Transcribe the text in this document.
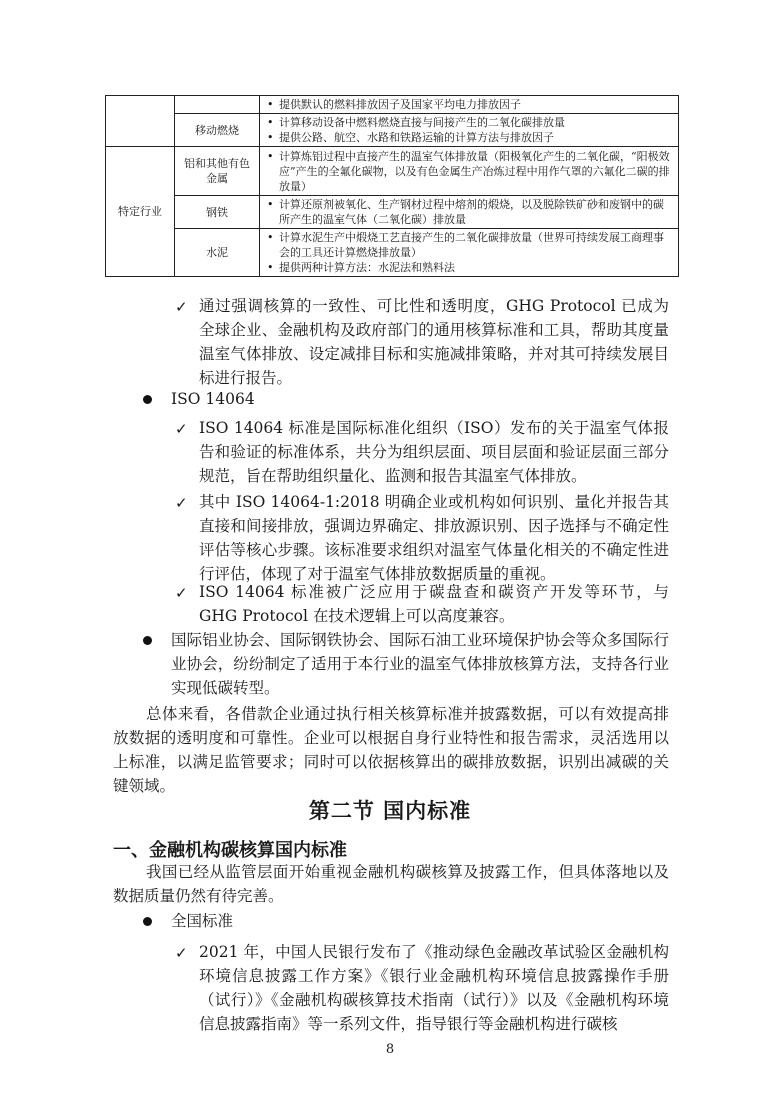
		• 提供默认的燃料排放因子及国家平均电力排放因子

	移动燃烧	• 计算移动设备中燃料燃烧直接与间接产生的二氧化碳排放量
• 提供公路、航空、水路和铁路运输的计算方法与排放因子

特定行业	铝和其他有色金属	• 计算炼铝过程中直接产生的温室气体排放量（阳极氧化产生的二氧化碳，“阳极效应”产生的全氟化碳物，以及有色金属生产冶炼过程中用作气罩的六氟化二碳的排放量）

	钢铁	• 计算还原剂被氧化、生产钢材过程中熔剂的煅烧，以及脱除铁矿砂和废钢中的碳所产生的温室气体（二氧化碳）排放量

	水泥	• 计算水泥生产中煅烧工艺直接产生的二氧化碳排放量（世界可持续发展工商理事会的工具还计算燃烧排放量）
• 提供两种计算方法：水泥法和熟料法
✓ 通过强调核算的一致性、可比性和透明度，GHG Protocol 已成为全球企业、金融机构及政府部门的通用核算标准和工具，帮助其度量温室气体排放、设定减排目标和实施减排策略，并对其可持续发展目标进行报告。
ISO 14064
✓ ISO 14064 标准是国际标准化组织（ISO）发布的关于温室气体报告和验证的标准体系，共分为组织层面、项目层面和验证层面三部分规范，旨在帮助组织量化、监测和报告其温室气体排放。
✓ 其中 ISO 14064-1:2018 明确企业或机构如何识别、量化并报告其直接和间接排放，强调边界确定、排放源识别、因子选择与不确定性评估等核心步骤。该标准要求组织对温室气体量化相关的不确定性进行评估，体现了对于温室气体排放数据质量的重视。
✓ ISO 14064 标准被广泛应用于碳盘查和碳资产开发等环节，与 GHG Protocol 在技术逻辑上可以高度兼容。
国际铝业协会、国际钢铁协会、国际石油工业环境保护协会等众多国际行业协会，纷纷制定了适用于本行业的温室气体排放核算方法，支持各行业实现低碳转型。
总体来看，各借款企业通过执行相关核算标准并披露数据，可以有效提高排放数据的透明度和可靠性。企业可以根据自身行业特性和报告需求，灵活选用以上标准，以满足监管要求；同时可以依据核算出的碳排放数据，识别出减碳的关键领域。
第二节 国内标准
一、金融机构碳核算国内标准
我国已经从监管层面开始重视金融机构碳核算及披露工作，但具体落地以及数据质量仍然有待完善。
全国标准
✓ 2021 年，中国人民银行发布了《推动绿色金融改革试验区金融机构环境信息披露工作方案》《银行业金融机构环境信息披露操作手册（试行）》《金融机构碳核算技术指南（试行）》以及《金融机构环境信息披露指南》等一系列文件，指导银行等金融机构进行碳核
8
